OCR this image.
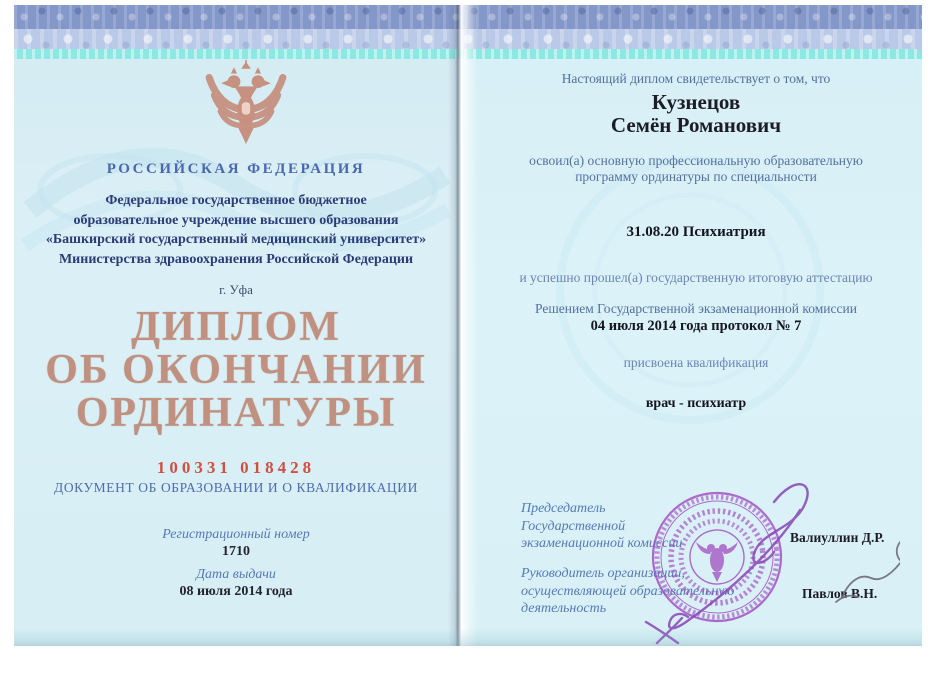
РОССИЙСКАЯ ФЕДЕРАЦИЯ
Федеральное государственное бюджетное
образовательное учреждение высшего образования
«Башкирский государственный медицинский университет»
Министерства здравоохранения Российской Федерации
г. Уфа
ДИПЛОМ
ОБ ОКОНЧАНИИ
ОРДИНАТУРЫ
100331 018428
ДОКУМЕНТ ОБ ОБРАЗОВАНИИ И О КВАЛИФИКАЦИИ
Регистрационный номер
1710
Дата выдачи
08 июля 2014 года
Настоящий диплом свидетельствует о том, что
Кузнецов
Семён Романович
освоил(а) основную профессиональную образовательную
программу ординатуры по специальности
31.08.20 Психиатрия
и успешно прошел(а) государственную итоговую аттестацию
Решением Государственной экзаменационной комиссии
04 июля 2014 года протокол № 7
присвоена квалификация
врач - психиатр
Председатель
Государственной
экзаменационной комиссии
Руководитель организации,
осуществляющей образовательную
деятельность
Валиуллин Д.Р.
Павлов В.Н.
